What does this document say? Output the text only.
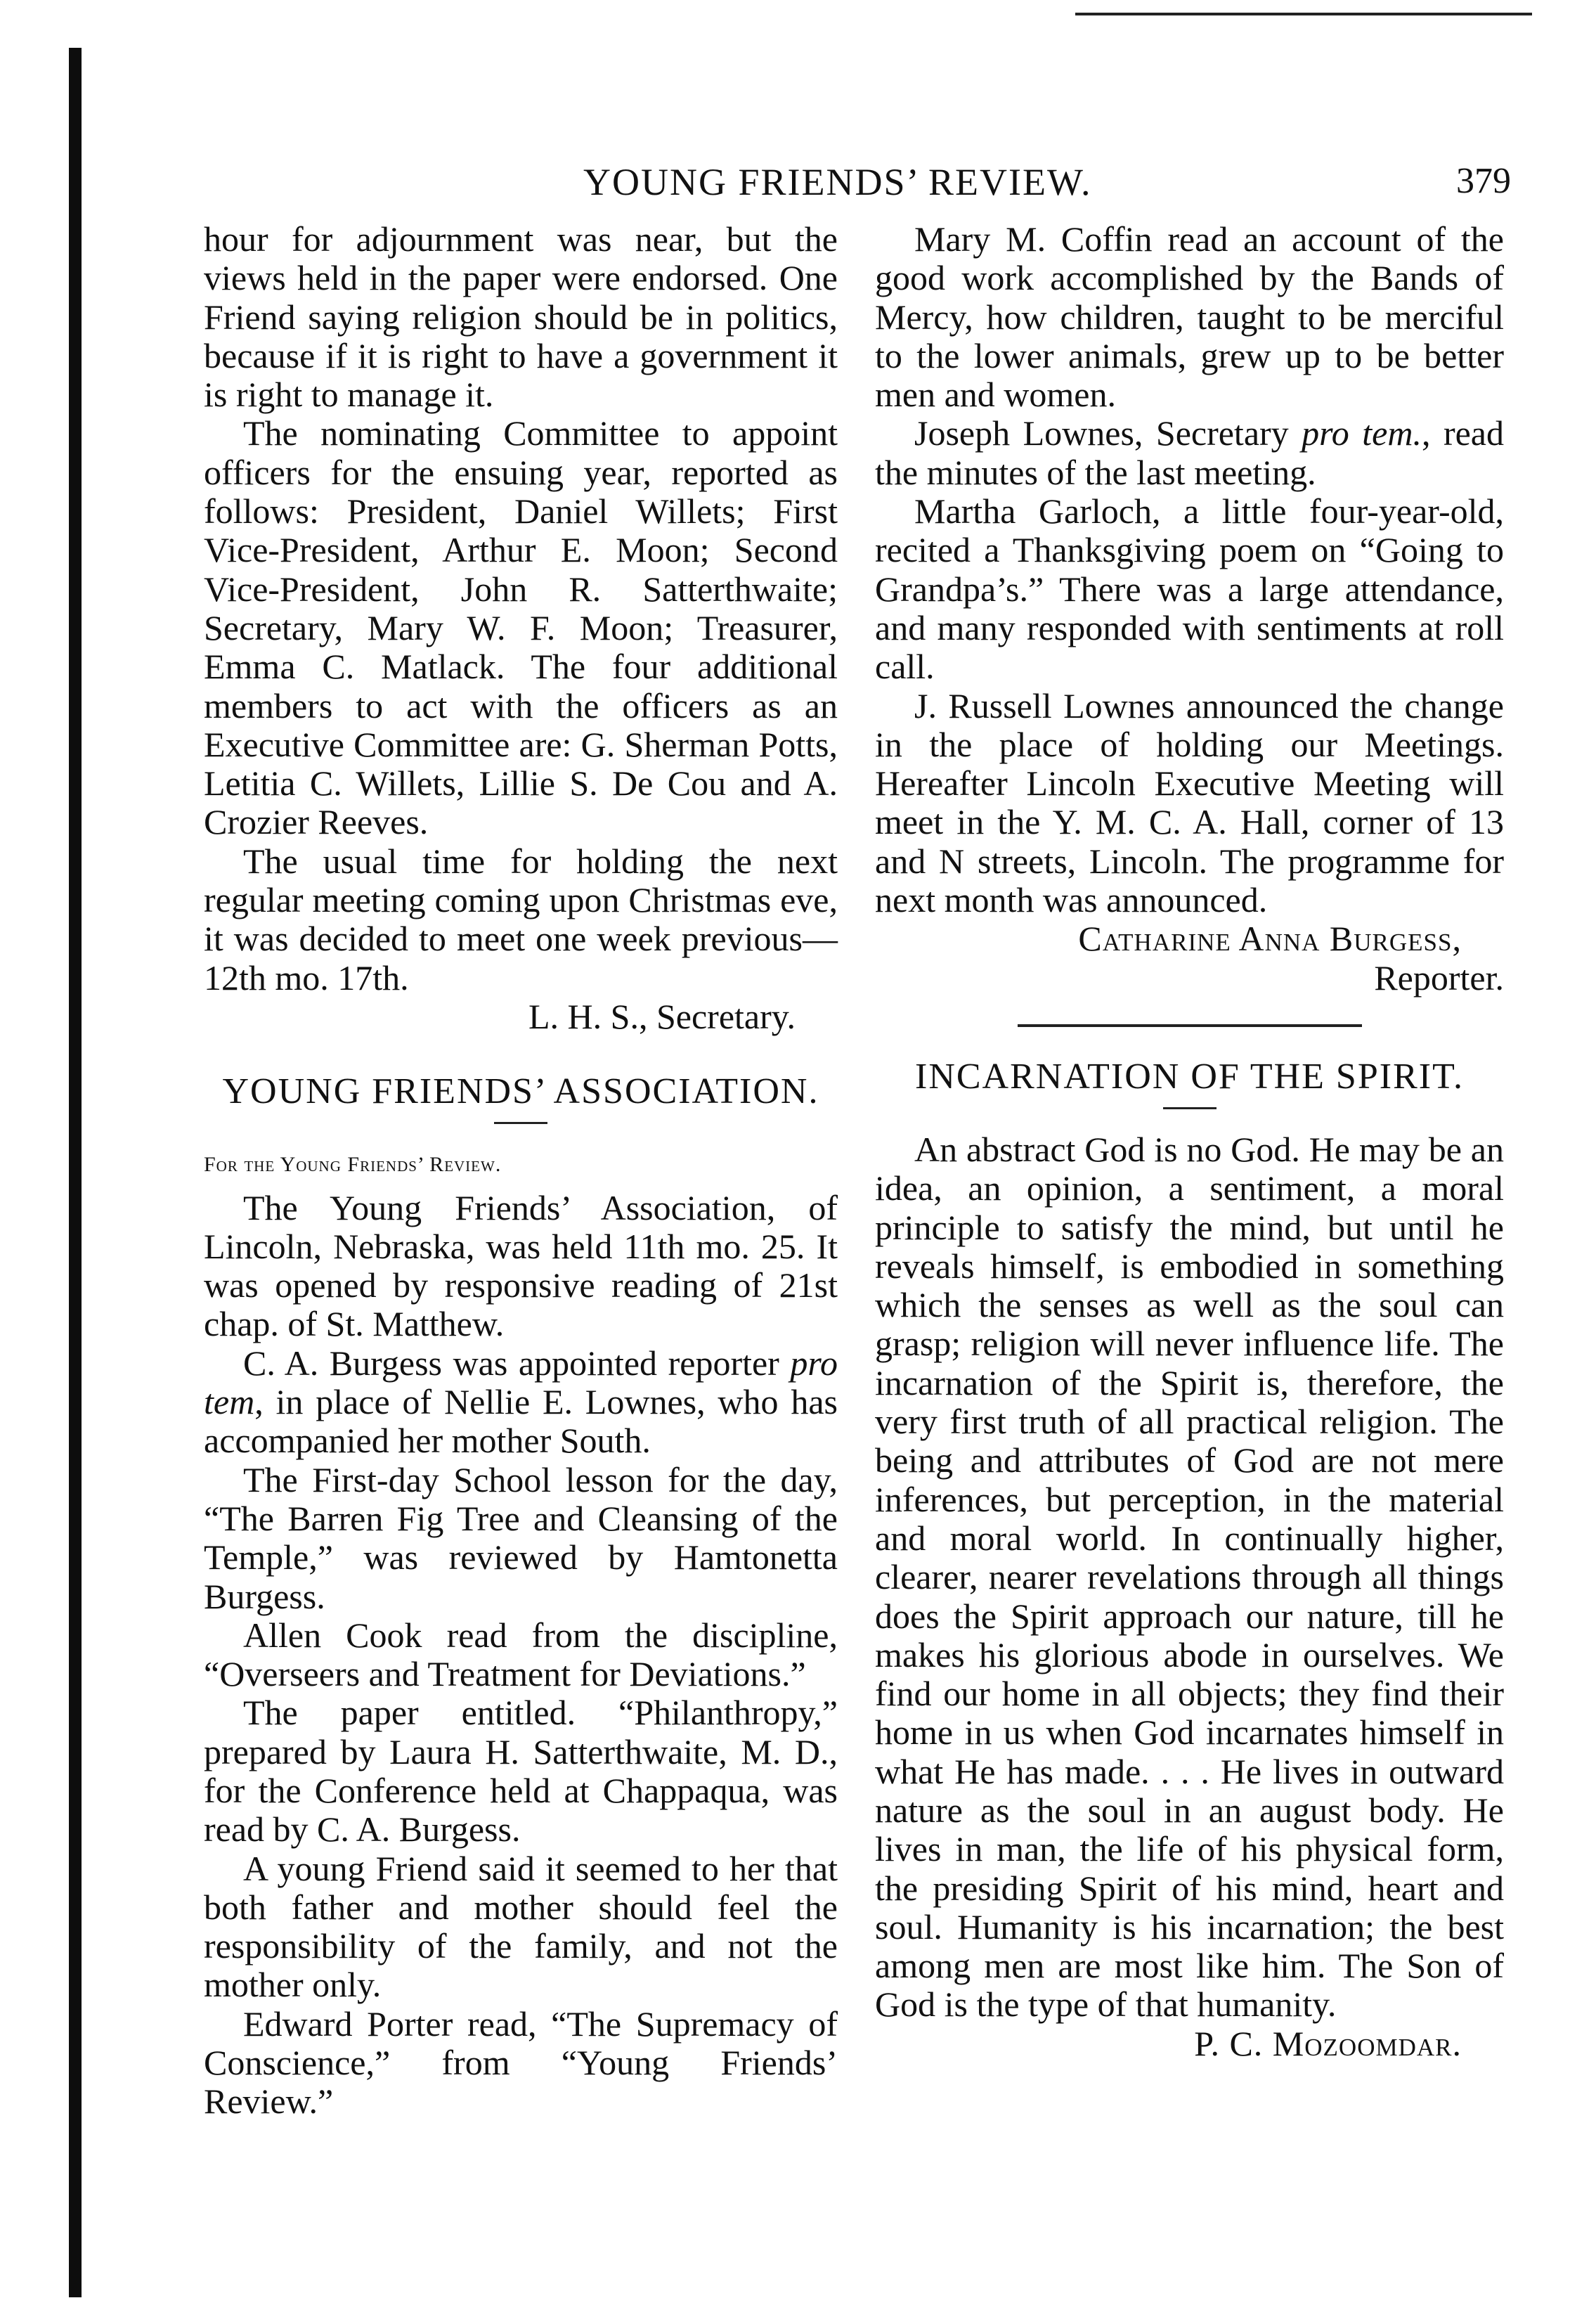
YOUNG FRIENDS’ REVIEW.	379

hour for adjournment was near, but the views held in the paper were endorsed. One Friend saying religion should be in politics, because if it is right to have a government it is right to manage it.

The nominating Committee to appoint officers for the ensuing year, reported as follows: President, Daniel Willets; First Vice-President, Arthur E. Moon; Second Vice-President, John R. Satterthwaite; Secretary, Mary W. F. Moon; Treasurer, Emma C. Matlack. The four additional members to act with the officers as an Executive Committee are: G. Sherman Potts, Letitia C. Willets, Lillie S. De Cou and A. Crozier Reeves.

The usual time for holding the next regular meeting coming upon Christmas eve, it was decided to meet one week previous—12th mo. 17th.

L. H. S., Secretary.

YOUNG FRIENDS’ ASSOCIATION.
For the Young Friends’ Review.

The Young Friends’ Association, of Lincoln, Nebraska, was held 11th mo. 25. It was opened by responsive reading of 21st chap. of St. Matthew.

C. A. Burgess was appointed reporter pro tem, in place of Nellie E. Lownes, who has accompanied her mother South.

The First-day School lesson for the day, “The Barren Fig Tree and Cleansing of the Temple,” was reviewed by Hamtonetta Burgess.

Allen Cook read from the discipline, “Overseers and Treatment for Deviations.”

The paper entitled. “Philanthropy,” prepared by Laura H. Satterthwaite, M. D., for the Conference held at Chappaqua, was read by C. A. Burgess.

A young Friend said it seemed to her that both father and mother should feel the responsibility of the family, and not the mother only.

Edward Porter read, “The Supremacy of Conscience,” from “Young Friends’ Review.”

Mary M. Coffin read an account of the good work accomplished by the Bands of Mercy, how children, taught to be merciful to the lower animals, grew up to be better men and women.

Joseph Lownes, Secretary pro tem., read the minutes of the last meeting.

Martha Garloch, a little four-year-old, recited a Thanksgiving poem on “Going to Grandpa’s.” There was a large attendance, and many responded with sentiments at roll call.

J. Russell Lownes announced the change in the place of holding our Meetings. Hereafter Lincoln Executive Meeting will meet in the Y. M. C. A. Hall, corner of 13 and N streets, Lincoln. The programme for next month was announced.

Catharine Anna Burgess,

Reporter.

INCARNATION OF THE SPIRIT.

An abstract God is no God. He may be an idea, an opinion, a sentiment, a moral principle to satisfy the mind, but until he reveals himself, is embodied in something which the senses as well as the soul can grasp; religion will never influence life. The incarnation of the Spirit is, therefore, the very first truth of all practical religion. The being and attributes of God are not mere inferences, but perception, in the material and moral world. In continually higher, clearer, nearer revelations through all things does the Spirit approach our nature, till he makes his glorious abode in ourselves. We find our home in all objects; they find their home in us when God incarnates himself in what He has made. . . . He lives in outward nature as the soul in an august body. He lives in man, the life of his physical form, the presiding Spirit of his mind, heart and soul. Humanity is his incarnation; the best among men are most like him. The Son of God is the type of that humanity.

P. C. Mozoomdar.
